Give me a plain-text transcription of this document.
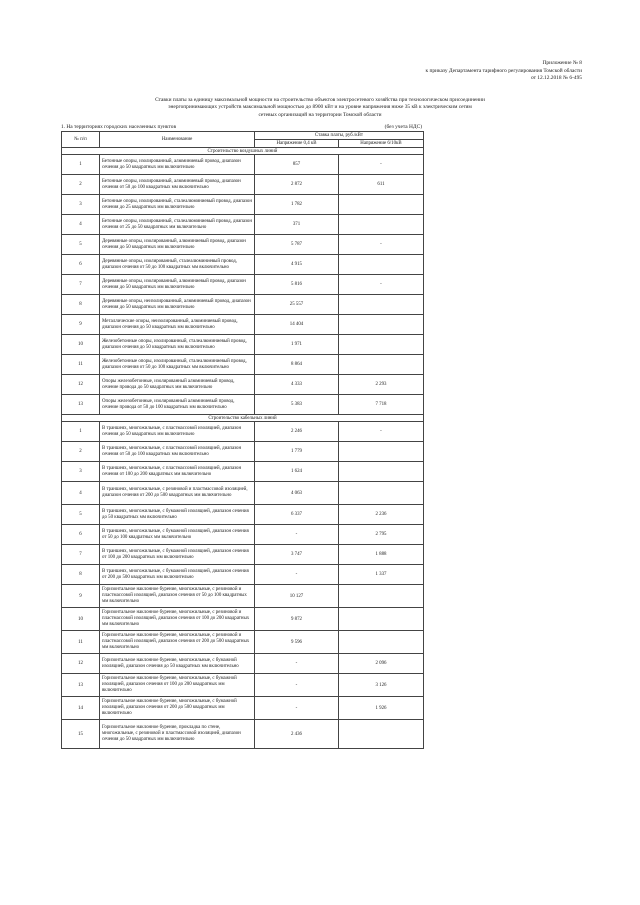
Приложение № 8
к приказу Департамента тарифного регулирования Томской области
от 12.12.2018 № 6-495
Ставки платы за единицу максимальной мощности на строительство объектов электросетевого хозяйства при технологическом присоединении
энергопринимающих устройств максимальной мощностью до 8900 кВт и на уровне напряжения ниже 35 кВ к электрическим сетям
сетевых организаций на территории Томской области
1. На территориях городских населенных пунктов	(без учета НДС)
№ п/п	Наименование	Ставка платы, руб./кВт	
		Напряжение 0,4 кВ	Напряжение 6/10кВ
Строительство воздушных линий			
1	Бетонные опоры, изолированный, алюминиевый провод, диапазон сечения до 50 квадратных мм включительно	857	-
2	Бетонные опоры, изолированный, алюминиевый провод, диапазон сечения от 50 до 100 квадратных мм включительно	2 872	611
3	Бетонные опоры, изолированный, сталеалюминиевый провод, диапазон сечения до 25 квадратных мм включительно	1 782	
4	Бетонные опоры, изолированный, сталеалюминиевый провод, диапазон сечения от 25 до 50 квадратных мм включительно	371	
5	Деревянные опоры, изолированный, алюминиевый провод, диапазон сечения до 50 квадратных мм включительно	5 787	-
6	Деревянные опоры, изолированный, сталеалюминиевый провод, диапазон сечения от 50 до 100 квадратных мм включительно	4 915	
7	Деревянные опоры, изолированный, алюминиевый провод, диапазон сечения до 50 квадратных мм включительно	5 816	-
8	Деревянные опоры, неизолированный, алюминиевый провод, диапазон сечения до 50 квадратных мм включительно	25 557	
9	Металлические опоры, неизолированный, алюминиевый провод, диапазон сечения до 50 квадратных мм включительно	14 404	
10	Железобетонные опоры, изолированный, сталеалюминиевый провод, диапазон сечения до 50 квадратных мм включительно	1 971	
11	Железобетонные опоры, изолированный, сталеалюминиевый провод, диапазон сечения от 50 до 100 квадратных мм включительно	8 864	
12	Опоры железобетонные, изолированный алюминиевый провод, сечение провода до 50 квадратных мм включительно	4 333	2 293
13	Опоры железобетонные, изолированный алюминиевый провод, сечение провода от 50 до 100 квадратных мм включительно	5 383	7 718
Строительство кабельных линий			
1	В траншеях, многожильные, с пластмассовой изоляцией, диапазон сечения до 50 квадратных мм включительно	2 246	-
2	В траншеях, многожильные, с пластмассовой изоляцией, диапазон сечения от 50 до 100 квадратных мм включительно	1 779	
3	В траншеях, многожильные, с пластмассовой изоляцией, диапазон сечения от 100 до 200 квадратных мм включительно	1 624	
4	В траншеях, многожильные, с резиновой и пластмассовой изоляцией, диапазон сечения от 200 до 500 квадратных мм включительно	4 063	
5	В траншеях, многожильные, с бумажной изоляцией, диапазон сечения до 50 квадратных мм включительно	6 337	2 236
6	В траншеях, многожильные, с бумажной изоляцией, диапазон сечения от 50 до 100 квадратных мм включительно	-	2 795
7	В траншеях, многожильные, с бумажной изоляцией, диапазон сечения от 100 до 200 квадратных мм включительно	3 747	1 888
8	В траншеях, многожильные, с бумажной изоляцией, диапазон сечения от 200 до 500 квадратных мм включительно	-	1 337
9	Горизонтальное наклонное бурение, многожильные, с резиновой и пластмассовой изоляцией, диапазон сечения от 50 до 100 квадратных мм включительно	10 127	
10	Горизонтальное наклонное бурение, многожильные, с резиновой и пластмассовой изоляцией, диапазон сечения от 100 до 200 квадратных мм включительно	9 872	
11	Горизонтальное наклонное бурение, многожильные, с резиновой и пластмассовой изоляцией, диапазон сечения от 200 до 500 квадратных мм включительно	9 596	
12	Горизонтальное наклонное бурение, многожильные, с бумажной изоляцией, диапазон сечения до 50 квадратных мм включительно	-	2 096
13	Горизонтальное наклонное бурение, многожильные, с бумажной изоляцией, диапазон сечения от 100 до 200 квадратных мм включительно	-	3 126
14	Горизонтальное наклонное бурение, многожильные, с бумажной изоляцией, диапазон сечения от 200 до 500 квадратных мм включительно	-	1 926
15	Горизонтальное наклонное бурение, прокладка по стене, многожильные, с резиновой и пластмассовой изоляцией, диапазон сечения до 50 квадратных мм включительно	2 436	
